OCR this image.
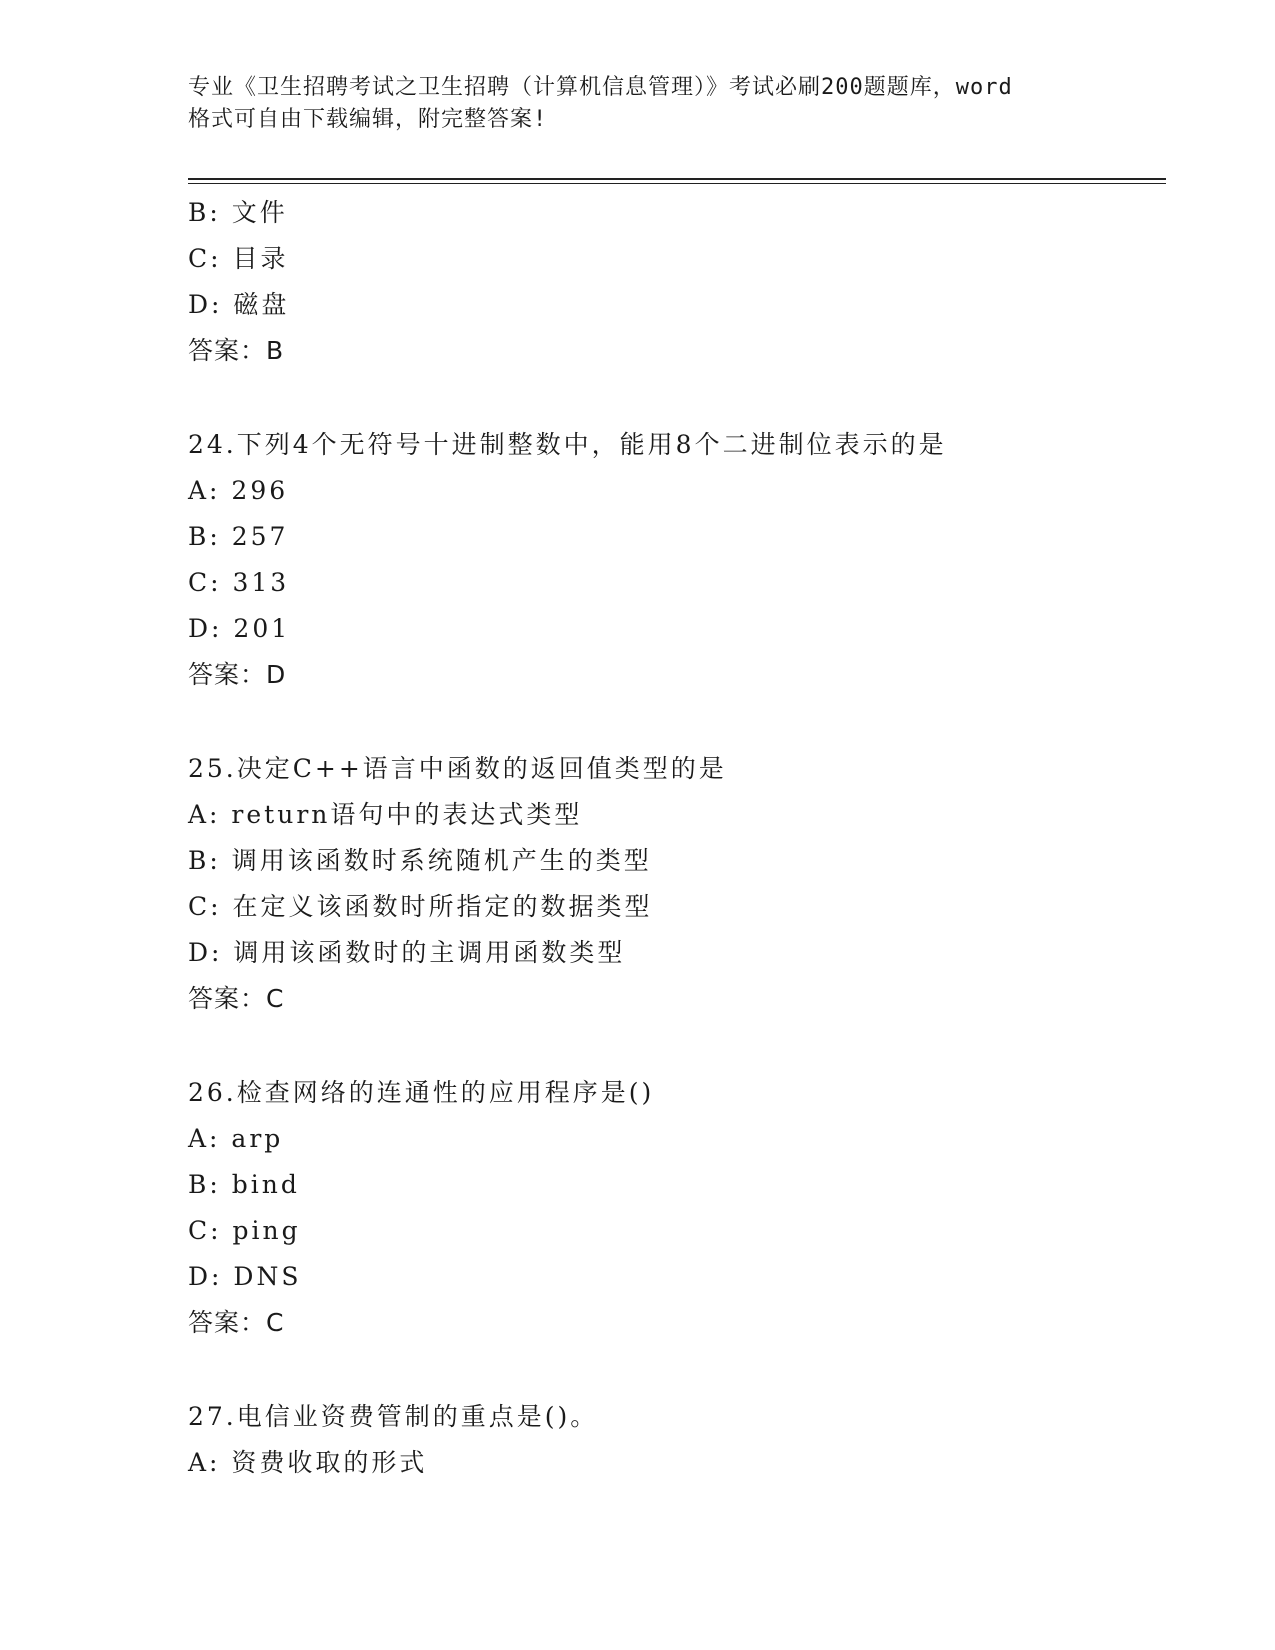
专业《卫生招聘考试之卫生招聘（计算机信息管理）》考试必刷200题题库，word
格式可自由下载编辑，附完整答案!
B: 文件
C: 目录
D: 磁盘
答案：B
24.下列4个无符号十进制整数中，能用8个二进制位表示的是
A: 296
B: 257
C: 313
D: 201
答案：D
25.决定C++语言中函数的返回值类型的是
A: return语句中的表达式类型
B: 调用该函数时系统随机产生的类型
C: 在定义该函数时所指定的数据类型
D: 调用该函数时的主调用函数类型
答案：C
26.检查网络的连通性的应用程序是()
A: arp
B: bind
C: ping
D: DNS
答案：C
27.电信业资费管制的重点是()。
A: 资费收取的形式
